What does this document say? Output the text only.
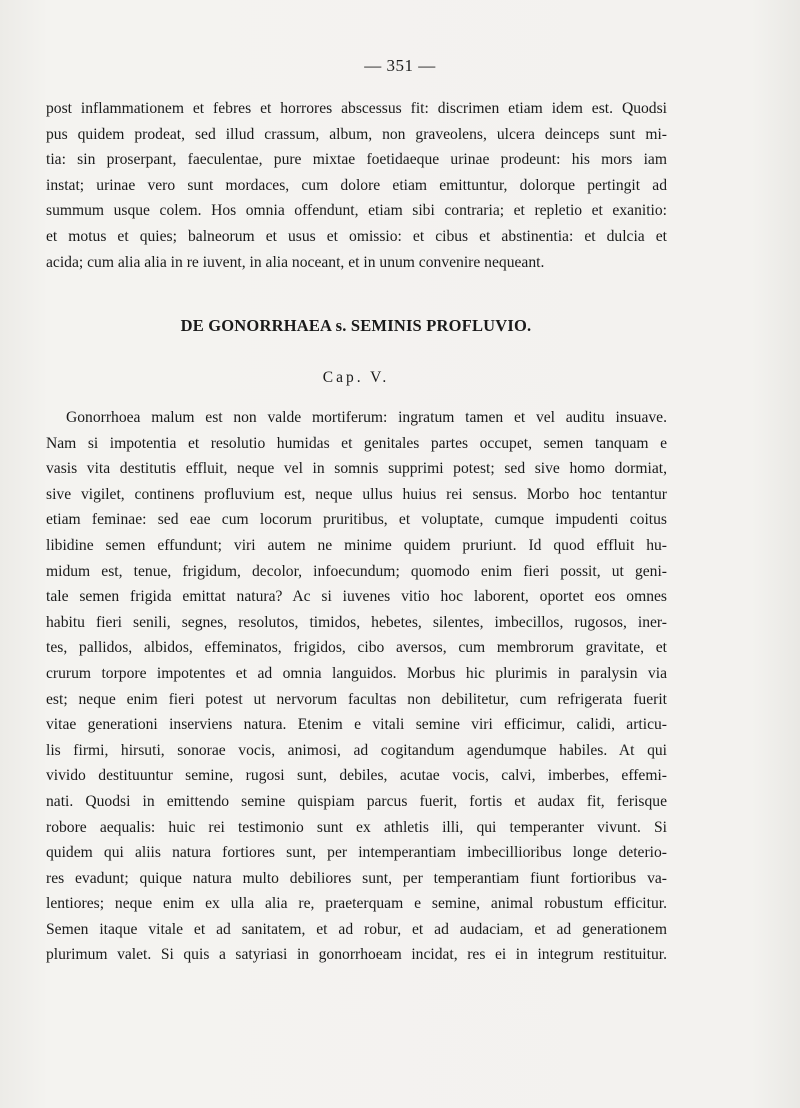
— 351 —
post inflammationem et febres et horrores abscessus fit: discrimen etiam idem est. Quodsi
pus quidem prodeat, sed illud crassum, album, non graveolens, ulcera deinceps sunt mi-
tia: sin proserpant, faeculentae, pure mixtae foetidaeque urinae prodeunt: his mors iam
instat; urinae vero sunt mordaces, cum dolore etiam emittuntur, dolorque pertingit ad
summum usque colem. Hos omnia offendunt, etiam sibi contraria; et repletio et exanitio:
et motus et quies; balneorum et usus et omissio: et cibus et abstinentia: et dulcia et
acida; cum alia alia in re iuvent, in alia noceant, et in unum convenire nequeant.
DE GONORRHAEA s. SEMINIS PROFLUVIO.
Cap. V.
Gonorrhoea malum est non valde mortiferum: ingratum tamen et vel auditu insuave.
Nam si impotentia et resolutio humidas et genitales partes occupet, semen tanquam e
vasis vita destitutis effluit, neque vel in somnis supprimi potest; sed sive homo dormiat,
sive vigilet, continens profluvium est, neque ullus huius rei sensus. Morbo hoc tentantur
etiam feminae: sed eae cum locorum pruritibus, et voluptate, cumque impudenti coitus
libidine semen effundunt; viri autem ne minime quidem pruriunt. Id quod effluit hu-
midum est, tenue, frigidum, decolor, infoecundum; quomodo enim fieri possit, ut geni-
tale semen frigida emittat natura? Ac si iuvenes vitio hoc laborent, oportet eos omnes
habitu fieri senili, segnes, resolutos, timidos, hebetes, silentes, imbecillos, rugosos, iner-
tes, pallidos, albidos, effeminatos, frigidos, cibo aversos, cum membrorum gravitate, et
crurum torpore impotentes et ad omnia languidos. Morbus hic plurimis in paralysin via
est; neque enim fieri potest ut nervorum facultas non debilitetur, cum refrigerata fuerit
vitae generationi inserviens natura. Etenim e vitali semine viri efficimur, calidi, articu-
lis firmi, hirsuti, sonorae vocis, animosi, ad cogitandum agendumque habiles. At qui
vivido destituuntur semine, rugosi sunt, debiles, acutae vocis, calvi, imberbes, effemi-
nati. Quodsi in emittendo semine quispiam parcus fuerit, fortis et audax fit, ferisque
robore aequalis: huic rei testimonio sunt ex athletis illi, qui temperanter vivunt. Si
quidem qui aliis natura fortiores sunt, per intemperantiam imbecillioribus longe deterio-
res evadunt; quique natura multo debiliores sunt, per temperantiam fiunt fortioribus va-
lentiores; neque enim ex ulla alia re, praeterquam e semine, animal robustum efficitur.
Semen itaque vitale et ad sanitatem, et ad robur, et ad audaciam, et ad generationem
plurimum valet. Si quis a satyriasi in gonorrhoeam incidat, res ei in integrum restituitur.
